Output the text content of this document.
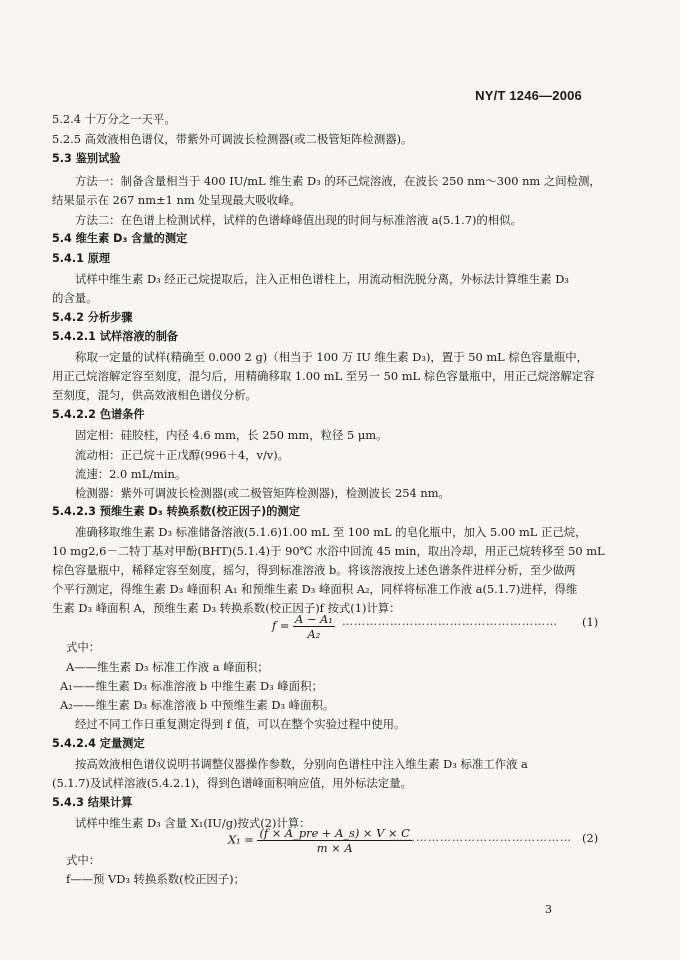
NY/T 1246—2006
5.2.4 十万分之一天平。
5.2.5 高效液相色谱仪，带紫外可调波长检测器(或二极管矩阵检测器)。
5.3 鉴别试验
方法一：制备含量相当于 400 IU/mL 维生素 D₃ 的环己烷溶液，在波长 250 nm～300 nm 之间检测，
结果显示在 267 nm±1 nm 处呈现最大吸收峰。
方法二：在色谱上检测试样，试样的色谱峰峰值出现的时间与标准溶液 a(5.1.7)的相似。
5.4 维生素 D₃ 含量的测定
5.4.1 原理
试样中维生素 D₃ 经正己烷提取后，注入正相色谱柱上，用流动相洗脱分离，外标法计算维生素 D₃
的含量。
5.4.2 分析步骤
5.4.2.1 试样溶液的制备
称取一定量的试样(精确至 0.000 2 g)（相当于 100 万 IU 维生素 D₃)，置于 50 mL 棕色容量瓶中，
用正己烷溶解定容至刻度，混匀后，用精确移取 1.00 mL 至另一 50 mL 棕色容量瓶中，用正己烷溶解定容
至刻度，混匀，供高效液相色谱仪分析。
5.4.2.2 色谱条件
固定相：硅胶柱，内径 4.6 mm，长 250 mm，粒径 5 μm。
流动相：正己烷＋正戊醇(996＋4，v/v)。
流速：2.0 mL/min。
检测器：紫外可调波长检测器(或二极管矩阵检测器)，检测波长 254 nm。
5.4.2.3 预维生素 D₃ 转换系数(校正因子)的测定
准确移取维生素 D₃ 标准储备溶液(5.1.6)1.00 mL 至 100 mL 的皂化瓶中，加入 5.00 mL 正己烷，
10 mg2,6－二特丁基对甲酚(BHT)(5.1.4)于 90℃ 水浴中回流 45 min，取出冷却，用正己烷转移至 50 mL
棕色容量瓶中，稀释定容至刻度，摇匀，得到标准溶液 b。将该溶液按上述色谱条件进样分析，至少做两
个平行测定，得维生素 D₃ 峰面积 A₁ 和预维生素 D₃ 峰面积 A₂，同样将标准工作液 a(5.1.7)进样，得维
生素 D₃ 峰面积 A，预维生素 D₃ 转换系数(校正因子)f 按式(1)计算：
$f = \frac{\text{A − A₁}}{\text{A₂}}$ ……………………………………………… (1)
式中：
A——维生素 D₃ 标准工作液 a 峰面积；
A₁——维生素 D₃ 标准溶液 b 中维生素 D₃ 峰面积；
A₂——维生素 D₃ 标准溶液 b 中预维生素 D₃ 峰面积。
经过不同工作日重复测定得到 f 值，可以在整个实验过程中使用。
5.4.2.4 定量测定
按高效液相色谱仪说明书调整仪器操作参数，分别向色谱柱中注入维生素 D₃ 标准工作液 a
(5.1.7)及试样溶液(5.4.2.1)，得到色谱峰面积响应值，用外标法定量。
5.4.3 结果计算
试样中维生素 D₃ 含量 X₁(IU/g)按式(2)计算：
$X_1 = \frac{\text{(f × A\_pre + A\_s) × V × C}}{m \times A}$
……………………………………… (2)
式中：
f——预 VD₃ 转换系数(校正因子)；
3
